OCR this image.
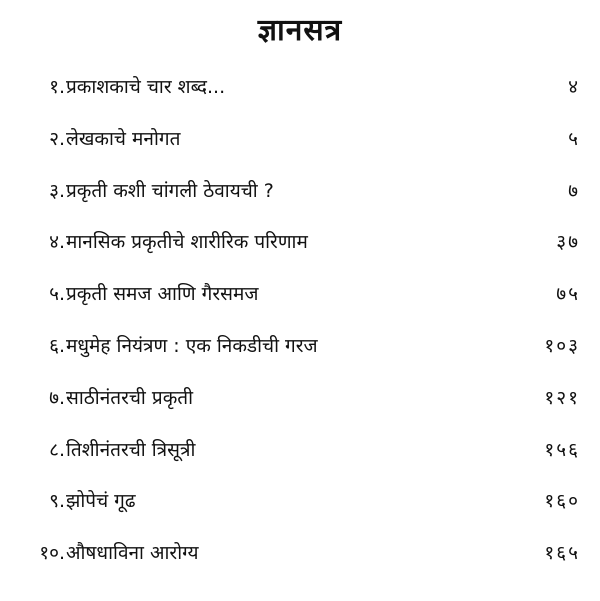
ज्ञानसत्र
१. प्रकाशकाचे चार शब्द...	४
२. लेखकाचे मनोगत	५
३. प्रकृती कशी चांगली ठेवायची ?	७
४. मानसिक प्रकृतीचे शारीरिक परिणाम	३७
५. प्रकृती समज आणि गैरसमज	७५
६. मधुमेह नियंत्रण : एक निकडीची गरज	१०३
७. साठीनंतरची प्रकृती	१२१
८. तिशीनंतरची त्रिसूत्री	१५६
९. झोपेचं गूढ	१६०
१०. औषधाविना आरोग्य	१६५
